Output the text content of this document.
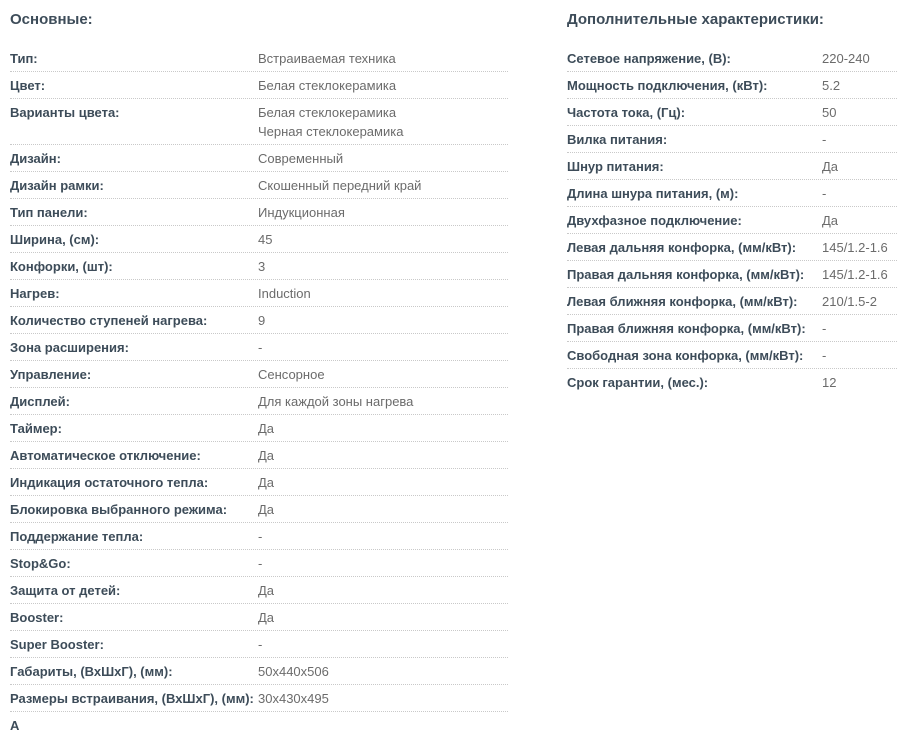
Основные:
Тип:	Встраиваемая техника
Цвет:	Белая стеклокерамика
Варианты цвета:	Белая стеклокерамика
Черная стеклокерамика
Дизайн:	Современный
Дизайн рамки:	Скошенный передний край
Тип панели:	Индукционная
Ширина, (см):	45
Конфорки, (шт):	3
Нагрев:	Induction
Количество ступеней нагрева:	9
Зона расширения:	-
Управление:	Сенсорное
Дисплей:	Для каждой зоны нагрева
Таймер:	Да
Автоматическое отключение:	Да
Индикация остаточного тепла:	Да
Блокировка выбранного режима:	Да
Поддержание тепла:	-
Stop&Go:	-
Защита от детей:	Да
Booster:	Да
Super Booster:	-
Габариты, (ВхШхГ), (мм):	50x440x506
Размеры встраивания, (ВхШхГ), (мм): 30x430x495
А
Дополнительные характеристики:
Сетевое напряжение, (В):	220-240
Мощность подключения, (кВт):	5.2
Частота тока, (Гц):	50
Вилка питания:	-
Шнур питания:	Да
Длина шнура питания, (м):	-
Двухфазное подключение:	Да
Левая дальняя конфорка, (мм/кВт):	145/1.2-1.6
Правая дальняя конфорка, (мм/кВт):	145/1.2-1.6
Левая ближняя конфорка, (мм/кВт):	210/1.5-2
Правая ближняя конфорка, (мм/кВт):	-
Свободная зона конфорка, (мм/кВт):	-
Срок гарантии, (мес.):	12
